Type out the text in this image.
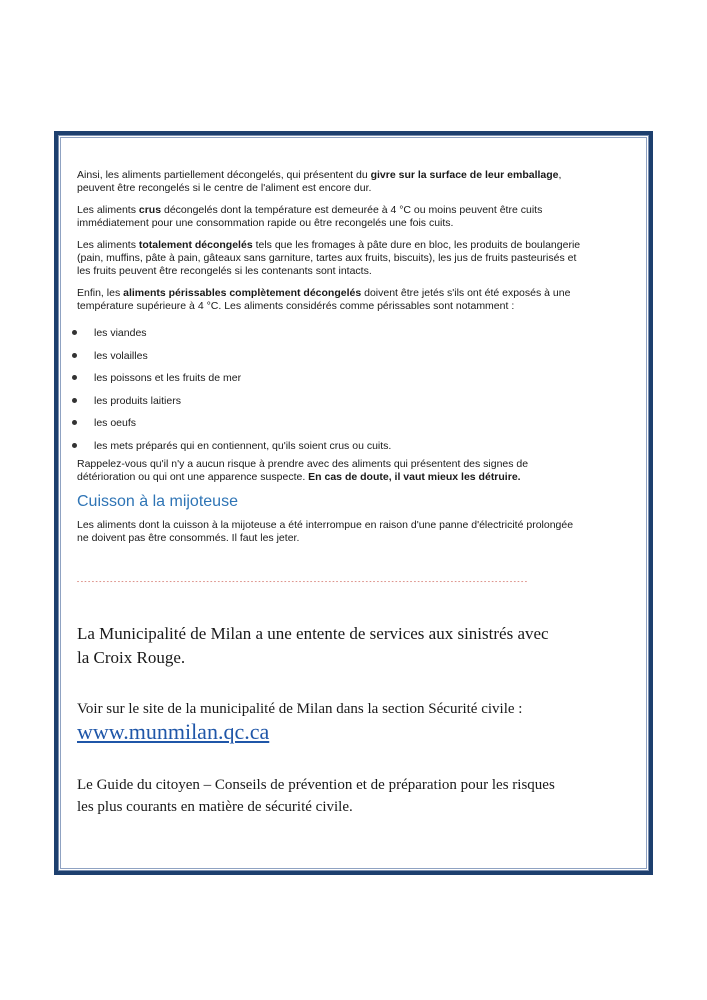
Ainsi, les aliments partiellement décongelés, qui présentent du givre sur la surface de leur emballage,
peuvent être recongelés si le centre de l'aliment est encore dur.

Les aliments crus décongelés dont la température est demeurée à 4 °C ou moins peuvent être cuits
immédiatement pour une consommation rapide ou être recongelés une fois cuits.

Les aliments totalement décongelés tels que les fromages à pâte dure en bloc, les produits de boulangerie
(pain, muffins, pâte à pain, gâteaux sans garniture, tartes aux fruits, biscuits), les jus de fruits pasteurisés et
les fruits peuvent être recongelés si les contenants sont intacts.

Enfin, les aliments périssables complètement décongelés doivent être jetés s'ils ont été exposés à une
température supérieure à 4 °C. Les aliments considérés comme périssables sont notamment :

les viandes
les volailles
les poissons et les fruits de mer
les produits laitiers
les oeufs
les mets préparés qui en contiennent, qu'ils soient crus ou cuits.

Rappelez-vous qu'il n'y a aucun risque à prendre avec des aliments qui présentent des signes de
détérioration ou qui ont une apparence suspecte. En cas de doute, il vaut mieux les détruire.

Cuisson à la mijoteuse

Les aliments dont la cuisson à la mijoteuse a été interrompue en raison d'une panne d'électricité prolongée
ne doivent pas être consommés. Il faut les jeter.

**************************************************************************************************************************
La Municipalité de Milan a une entente de services aux sinistrés avec
la Croix Rouge.
Voir sur le site de la municipalité de Milan dans la section Sécurité civile :
www.munmilan.qc.ca
Le Guide du citoyen – Conseils de prévention et de préparation pour les risques
les plus courants en matière de sécurité civile.
